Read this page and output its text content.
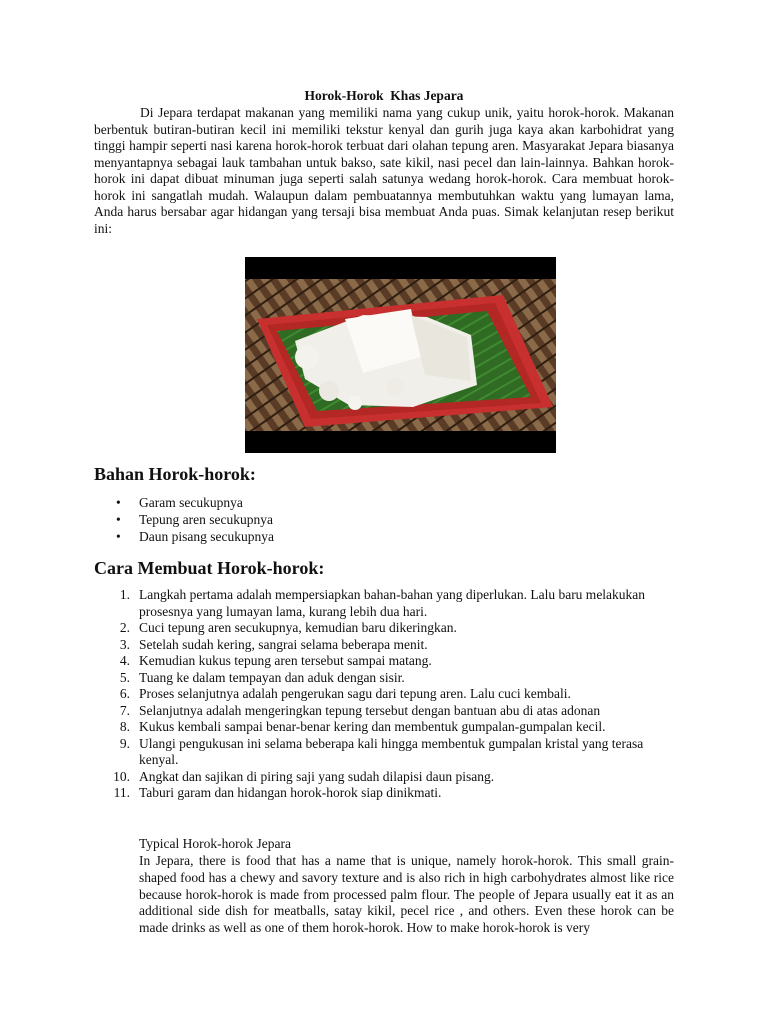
Horok-Horok  Khas Jepara

Di Jepara terdapat makanan yang memiliki nama yang cukup unik, yaitu horok-horok. Makanan berbentuk butiran-butiran kecil ini memiliki tekstur kenyal dan gurih juga kaya akan karbohidrat yang tinggi hampir seperti nasi karena horok-horok terbuat dari olahan tepung aren. Masyarakat Jepara biasanya menyantapnya sebagai lauk tambahan untuk bakso, sate kikil, nasi pecel dan lain-lainnya. Bahkan horok-horok ini dapat dibuat minuman juga seperti salah satunya wedang horok-horok. Cara membuat horok-horok ini sangatlah mudah. Walaupun dalam pembuatannya membutuhkan waktu yang lumayan lama, Anda harus bersabar agar hidangan yang tersaji bisa membuat Anda puas. Simak kelanjutan resep berikut ini:

Bahan Horok-horok:
• Garam secukupnya
• Tepung aren secukupnya
• Daun pisang secukupnya
Cara Membuat Horok-horok:
1. Langkah pertama adalah mempersiapkan bahan-bahan yang diperlukan. Lalu baru melakukan prosesnya yang lumayan lama, kurang lebih dua hari.
2. Cuci tepung aren secukupnya, kemudian baru dikeringkan.
3. Setelah sudah kering, sangrai selama beberapa menit.
4. Kemudian kukus tepung aren tersebut sampai matang.
5. Tuang ke dalam tempayan dan aduk dengan sisir.
6. Proses selanjutnya adalah pengerukan sagu dari tepung aren. Lalu cuci kembali.
7. Selanjutnya adalah mengeringkan tepung tersebut dengan bantuan abu di atas adonan
8. Kukus kembali sampai benar-benar kering dan membentuk gumpalan-gumpalan kecil.
9. Ulangi pengukusan ini selama beberapa kali hingga membentuk gumpalan kristal yang terasa kenyal.
10. Angkat dan sajikan di piring saji yang sudah dilapisi daun pisang.
11. Taburi garam dan hidangan horok-horok siap dinikmati.
Typical Horok-horok Jepara

In Jepara, there is food that has a name that is unique, namely horok-horok. This small grain-shaped food has a chewy and savory texture and is also rich in high carbohydrates almost like rice because horok-horok is made from processed palm flour. The people of Jepara usually eat it as an additional side dish for meatballs, satay kikil, pecel rice , and others. Even these horok can be made drinks as well as one of them horok-horok. How to make horok-horok is very
